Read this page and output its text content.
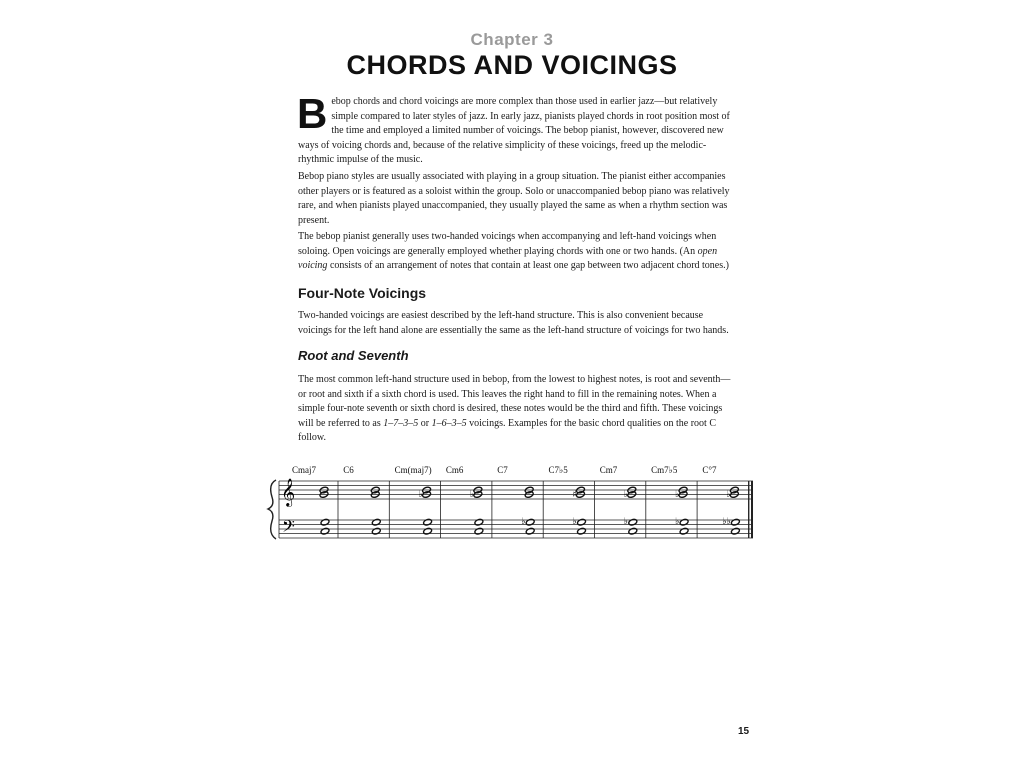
Chapter 3
CHORDS AND VOICINGS

Bebop chords and chord voicings are more complex than those used in earlier jazz—but relatively simple compared to later styles of jazz. In early jazz, pianists played chords in root position most of the time and employed a limited number of voicings. The bebop pianist, however, discovered new ways of voicing chords and, because of the relative simplicity of these voicings, freed up the melodic-rhythmic impulse of the music.

Bebop piano styles are usually associated with playing in a group situation. The pianist either accompanies other players or is featured as a soloist within the group. Solo or unaccompanied bebop piano was relatively rare, and when pianists played unaccompanied, they usually played the same as when a rhythm section was present.

The bebop pianist generally uses two-handed voicings when accompanying and left-hand voicings when soloing. Open voicings are generally employed whether playing chords with one or two hands. (An open voicing consists of an arrangement of notes that contain at least one gap between two adjacent chord tones.)

Four-Note Voicings

Two-handed voicings are easiest described by the left-hand structure. This is also convenient because voicings for the left hand alone are essentially the same as the left-hand structure of voicings for two hands.

Root and Seventh

The most common left-hand structure used in bebop, from the lowest to highest notes, is root and seventh—or root and sixth if a sixth chord is used. This leaves the right hand to fill in the remaining notes. When a simple four-note seventh or sixth chord is desired, these notes would be the third and fifth. These voicings will be referred to as 1–7–3–5 or 1–6–3–5 voicings. Examples for the basic chord qualities on the root C follow.

𝄞
𝄢
Cmaj7	C6	Cm(maj7)
♭
Cm6
♭
C7
♭
C7♭5
♯
♭
Cm7
♭
♭
Cm7♭5
♭
♭
C°7
♭
♭♭
15
